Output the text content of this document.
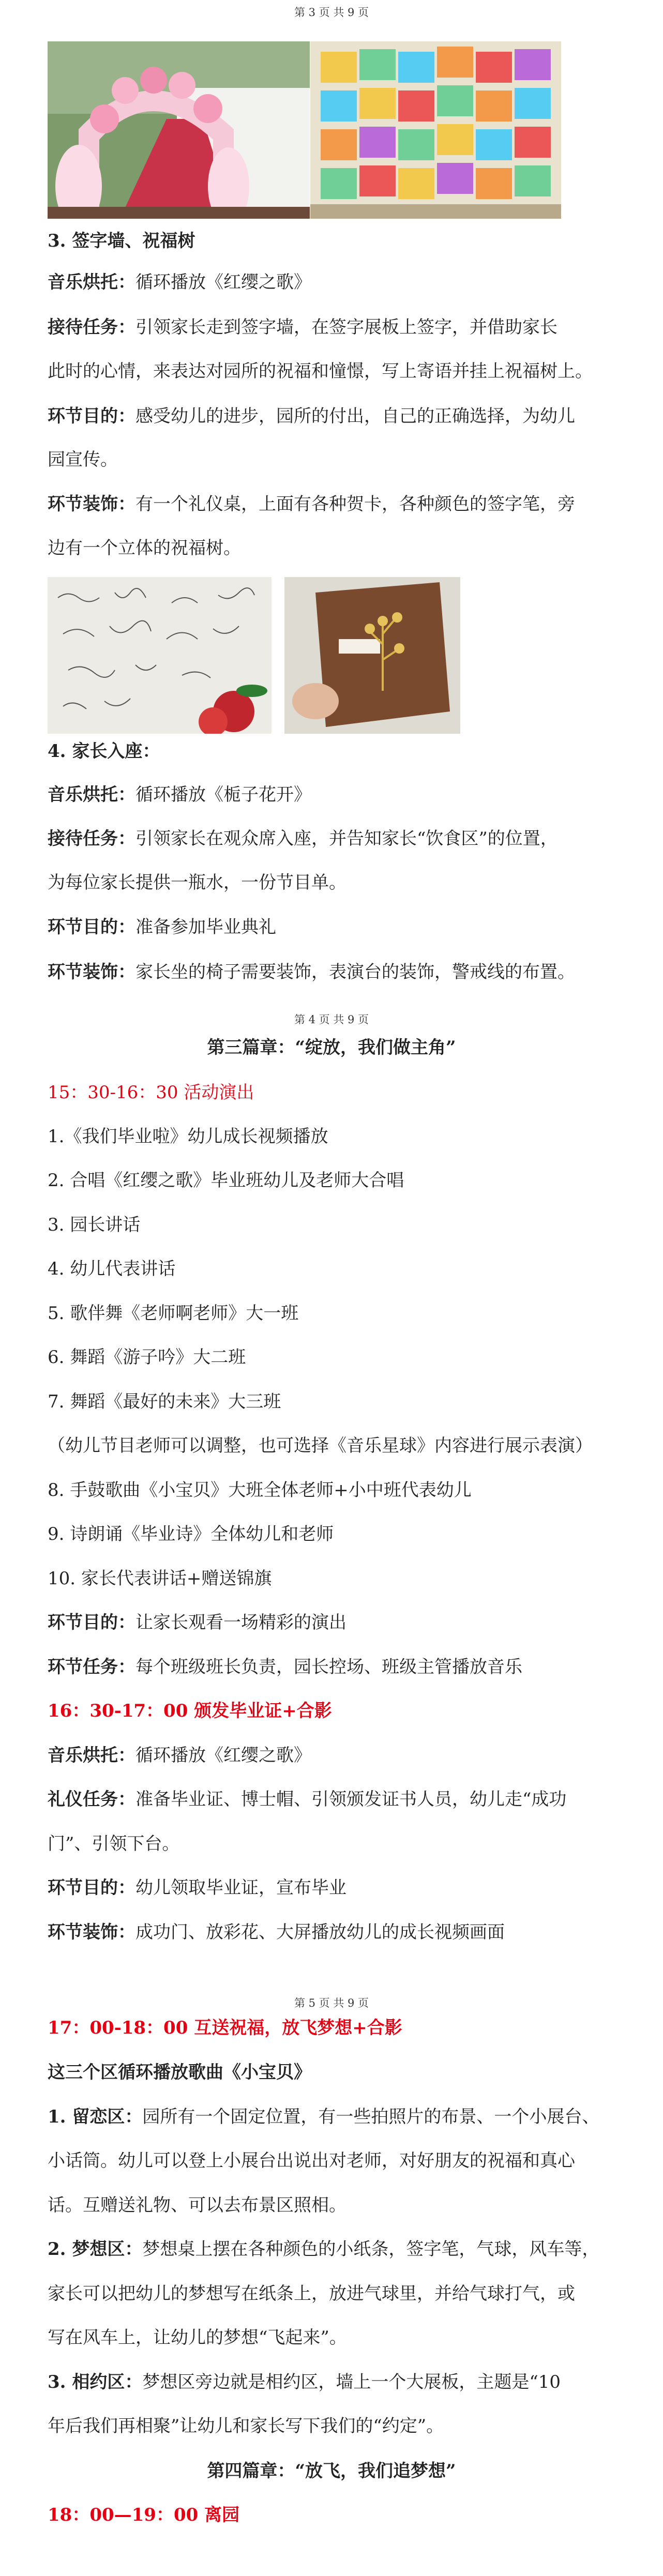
第 3 页 共 9 页
3. 签字墙、祝福树
音乐烘托：循环播放《红缨之歌》
接待任务：引领家长走到签字墙，在签字展板上签字，并借助家长
此时的心情，来表达对园所的祝福和憧憬，写上寄语并挂上祝福树上。
环节目的：感受幼儿的进步，园所的付出，自己的正确选择，为幼儿
园宣传。
环节装饰：有一个礼仪桌，上面有各种贺卡，各种颜色的签字笔，旁
边有一个立体的祝福树。
4. 家长入座：
音乐烘托：循环播放《栀子花开》
接待任务：引领家长在观众席入座，并告知家长“饮食区”的位置，
为每位家长提供一瓶水，一份节目单。
环节目的：准备参加毕业典礼
环节装饰：家长坐的椅子需要装饰，表演台的装饰，警戒线的布置。
第 4 页 共 9 页
第三篇章：“绽放，我们做主角”
15：30-16：30 活动演出
1.《我们毕业啦》幼儿成长视频播放
2. 合唱《红缨之歌》毕业班幼儿及老师大合唱
3. 园长讲话
4. 幼儿代表讲话
5. 歌伴舞《老师啊老师》大一班
6. 舞蹈《游子吟》大二班
7. 舞蹈《最好的未来》大三班
（幼儿节目老师可以调整，也可选择《音乐星球》内容进行展示表演）
8. 手鼓歌曲《小宝贝》大班全体老师+小中班代表幼儿
9. 诗朗诵《毕业诗》全体幼儿和老师
10. 家长代表讲话+赠送锦旗
环节目的：让家长观看一场精彩的演出
环节任务：每个班级班长负责，园长控场、班级主管播放音乐
16：30-17：00 颁发毕业证+合影
音乐烘托：循环播放《红缨之歌》
礼仪任务：准备毕业证、博士帽、引领颁发证书人员，幼儿走“成功
门”、引领下台。
环节目的：幼儿领取毕业证，宣布毕业
环节装饰：成功门、放彩花、大屏播放幼儿的成长视频画面
第 5 页 共 9 页
17：00-18：00 互送祝福，放飞梦想+合影
这三个区循环播放歌曲《小宝贝》
1. 留恋区：园所有一个固定位置，有一些拍照片的布景、一个小展台、
小话筒。幼儿可以登上小展台出说出对老师，对好朋友的祝福和真心
话。互赠送礼物、可以去布景区照相。
2. 梦想区：梦想桌上摆在各种颜色的小纸条，签字笔，气球，风车等，
家长可以把幼儿的梦想写在纸条上，放进气球里，并给气球打气，或
写在风车上，让幼儿的梦想“飞起来”。
3. 相约区：梦想区旁边就是相约区，墙上一个大展板，主题是“10
年后我们再相聚”让幼儿和家长写下我们的“约定”。
第四篇章：“放飞，我们追梦想”
18：00—19：00 离园
